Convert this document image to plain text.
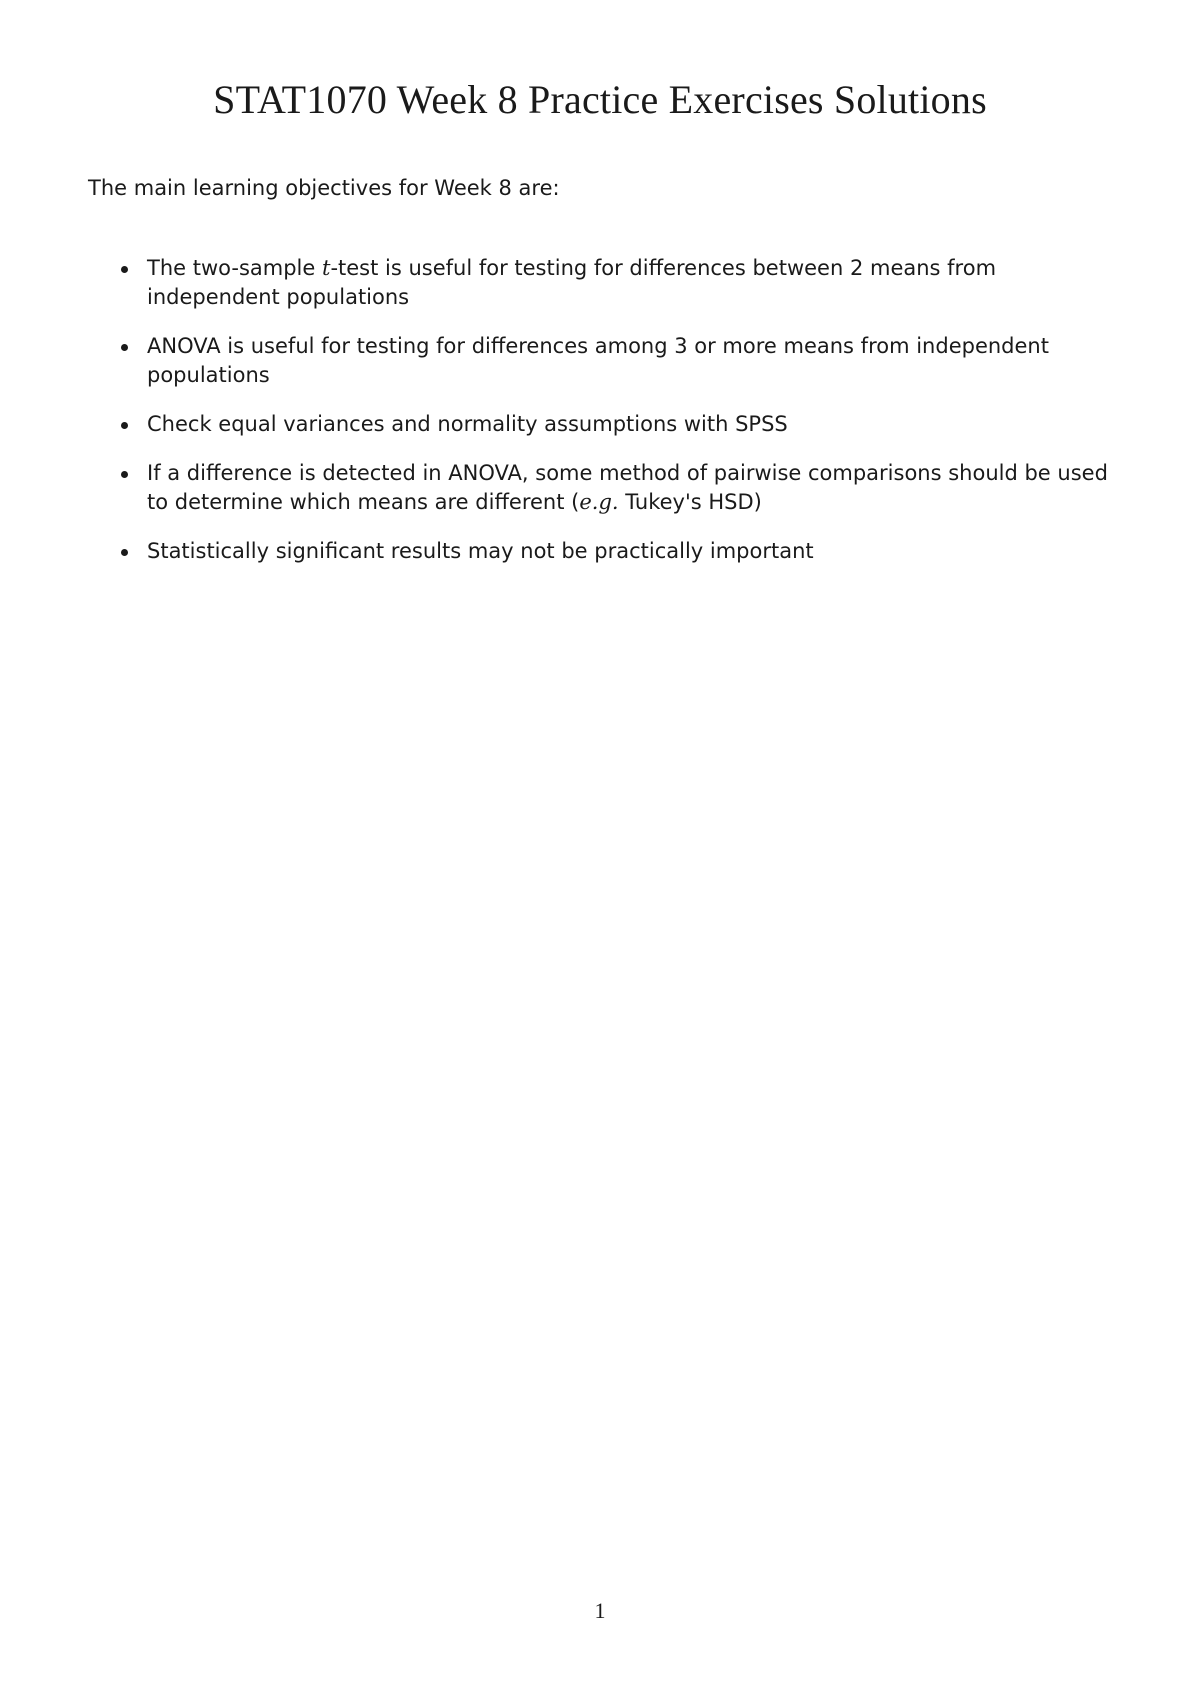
STAT1070 Week 8 Practice Exercises Solutions

The main learning objectives for Week 8 are:

The two-sample t-test is useful for testing for differences between 2 means from independent populations
ANOVA is useful for testing for differences among 3 or more means from independent populations
Check equal variances and normality assumptions with SPSS
If a difference is detected in ANOVA, some method of pairwise comparisons should be used to determine which means are different (e.g. Tukey's HSD)
Statistically significant results may not be practically important

1
